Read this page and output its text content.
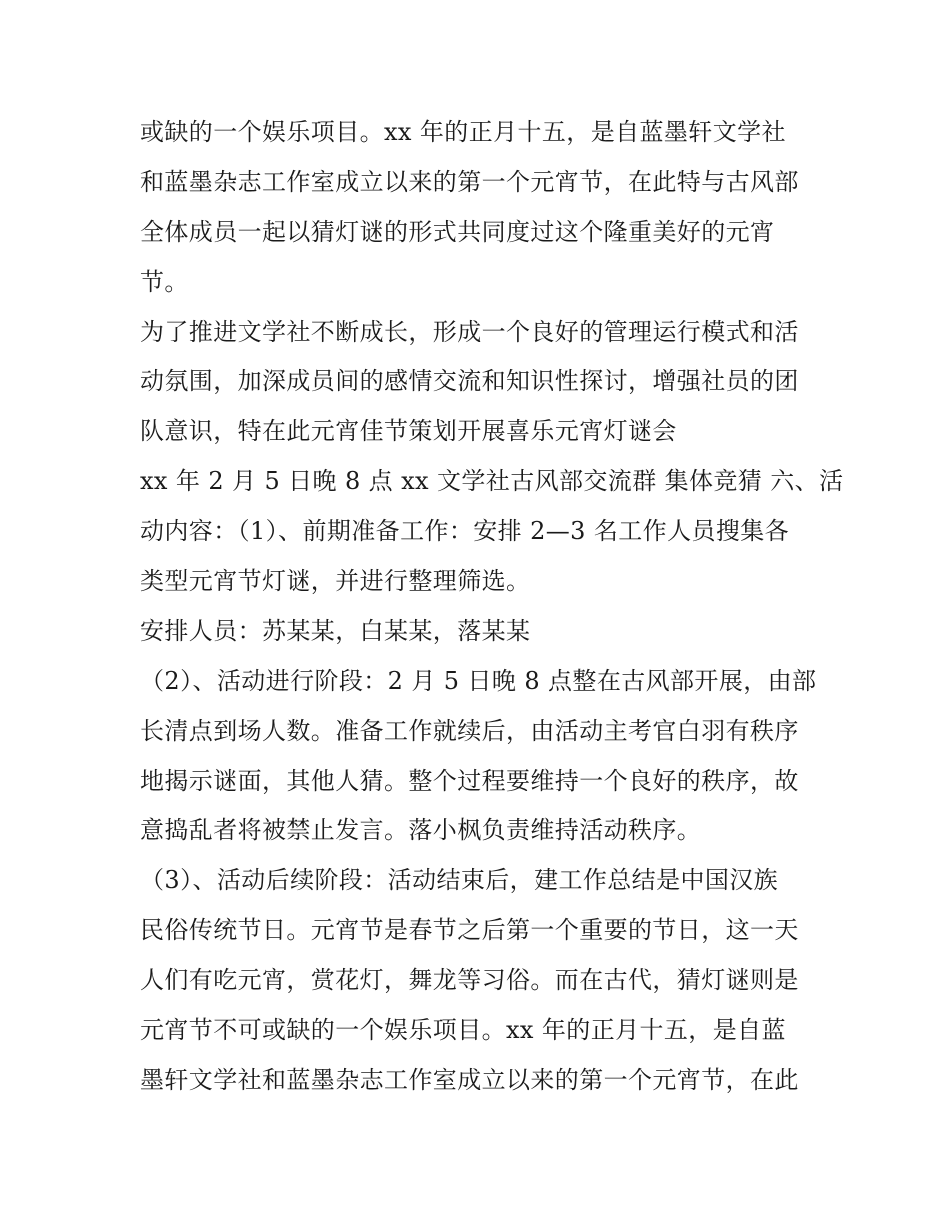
或缺的一个娱乐项目。xx 年的正月十五，是自蓝墨轩文学社
和蓝墨杂志工作室成立以来的第一个元宵节，在此特与古风部
全体成员一起以猜灯谜的形式共同度过这个隆重美好的元宵
节。
为了推进文学社不断成长，形成一个良好的管理运行模式和活
动氛围，加深成员间的感情交流和知识性探讨，增强社员的团
队意识，特在此元宵佳节策划开展喜乐元宵灯谜会
xx 年 2 月 5 日晚 8 点 xx 文学社古风部交流群 集体竞猜 六、活
动内容：（1）、前期准备工作：安排 2—3 名工作人员搜集各
类型元宵节灯谜，并进行整理筛选。
安排人员：苏某某，白某某，落某某
（2）、活动进行阶段：2 月 5 日晚 8 点整在古风部开展，由部
长清点到场人数。准备工作就续后，由活动主考官白羽有秩序
地揭示谜面，其他人猜。整个过程要维持一个良好的秩序，故
意捣乱者将被禁止发言。落小枫负责维持活动秩序。
（3）、活动后续阶段：活动结束后，建工作总结是中国汉族
民俗传统节日。元宵节是春节之后第一个重要的节日，这一天
人们有吃元宵，赏花灯，舞龙等习俗。而在古代，猜灯谜则是
元宵节不可或缺的一个娱乐项目。xx 年的正月十五，是自蓝
墨轩文学社和蓝墨杂志工作室成立以来的第一个元宵节，在此
